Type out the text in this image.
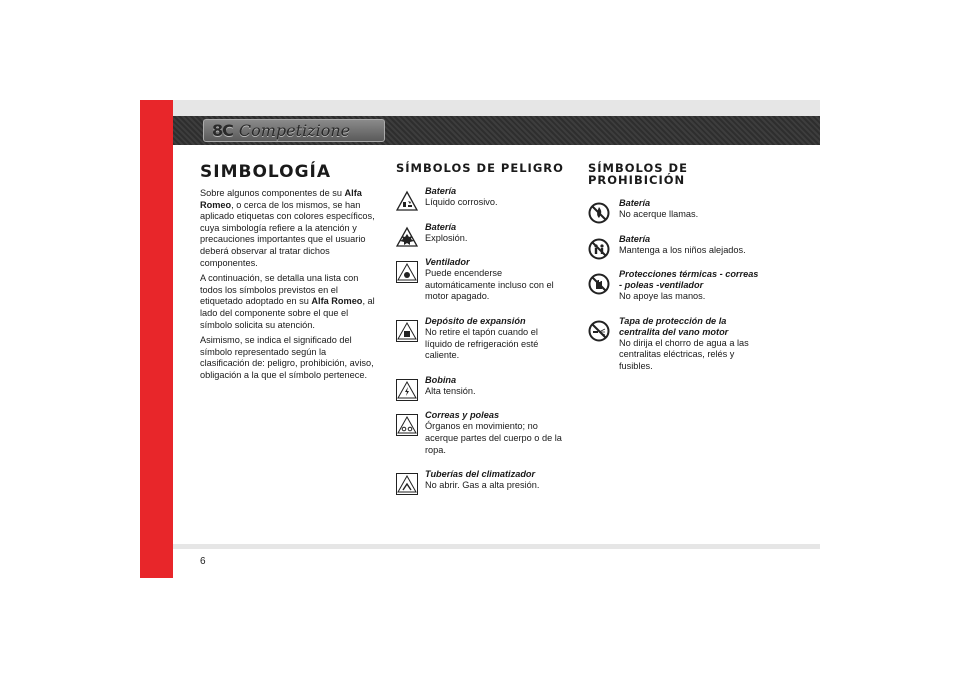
8C Competizione
SIMBOLOGÍA

Sobre algunos componentes de su Alfa Romeo, o cerca de los mismos, se han aplicado etiquetas con colores específicos, cuya simbología refiere a la atención y precauciones importantes que el usuario deberá observar al tratar dichos componentes.

A continuación, se detalla una lista con todos los símbolos previstos en el etiquetado adoptado en su Alfa Romeo, al lado del componente sobre el que el símbolo solicita su atención.

Asimismo, se indica el significado del símbolo representado según la clasificación de: peligro, prohibición, aviso, obligación a la que el símbolo pertenece.

SÍMBOLOS DE PELIGRO
Batería
Líquido corrosivo.
Batería
Explosión.
Ventilador
Puede encenderse automáticamente incluso con el motor apagado.
Depósito de expansión
No retire el tapón cuando el líquido de refrigeración esté caliente.
Bobina
Alta tensión.
Correas y poleas
Órganos en movimiento; no acerque partes del cuerpo o de la ropa.
Tuberías del climatizador
No abrir. Gas a alta presión.
SÍMBOLOS DE
PROHIBICIÓN
Batería
No acerque llamas.
Batería
Mantenga a los niños alejados.
Protecciones térmicas - correas - poleas -ventilador
No apoye las manos.
Tapa de protección de la centralita del vano motor
No dirija el chorro de agua a las centralitas eléctricas, relés y fusibles.
6
